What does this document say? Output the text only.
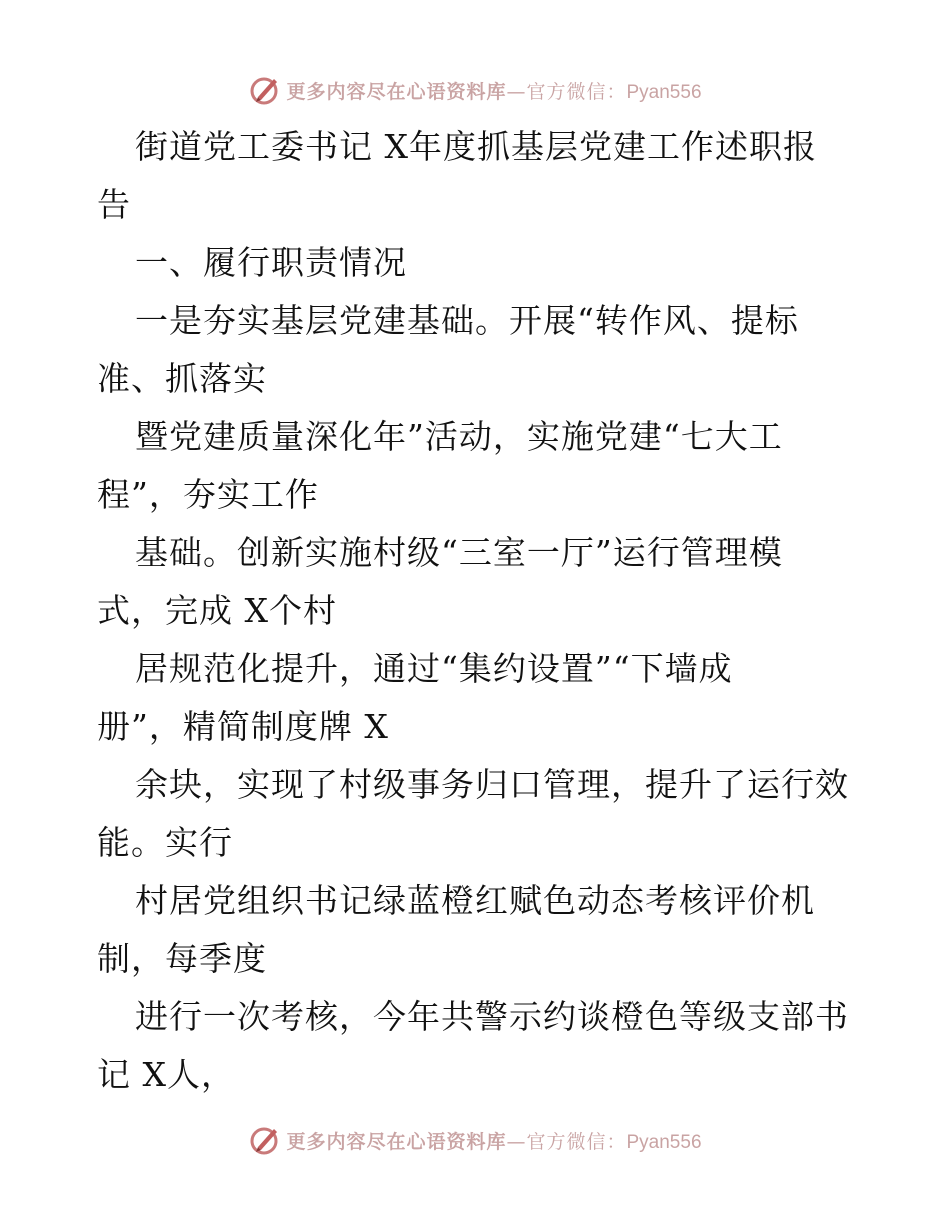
更多内容尽在心语资料库—官方微信：Pyan556
街道党工委书记 X年度抓基层党建工作述职报
告
一、履行职责情况
一是夯实基层党建基础。开展“转作风、提标
准、抓落实
暨党建质量深化年”活动，实施党建“七大工
程”，夯实工作
基础。创新实施村级“三室一厅”运行管理模
式，完成 X个村
居规范化提升，通过“集约设置”“下墙成
册”，精简制度牌 X
余块，实现了村级事务归口管理，提升了运行效
能。实行
村居党组织书记绿蓝橙红赋色动态考核评价机
制，每季度
进行一次考核，今年共警示约谈橙色等级支部书
记 X人，
更多内容尽在心语资料库—官方微信：Pyan556
